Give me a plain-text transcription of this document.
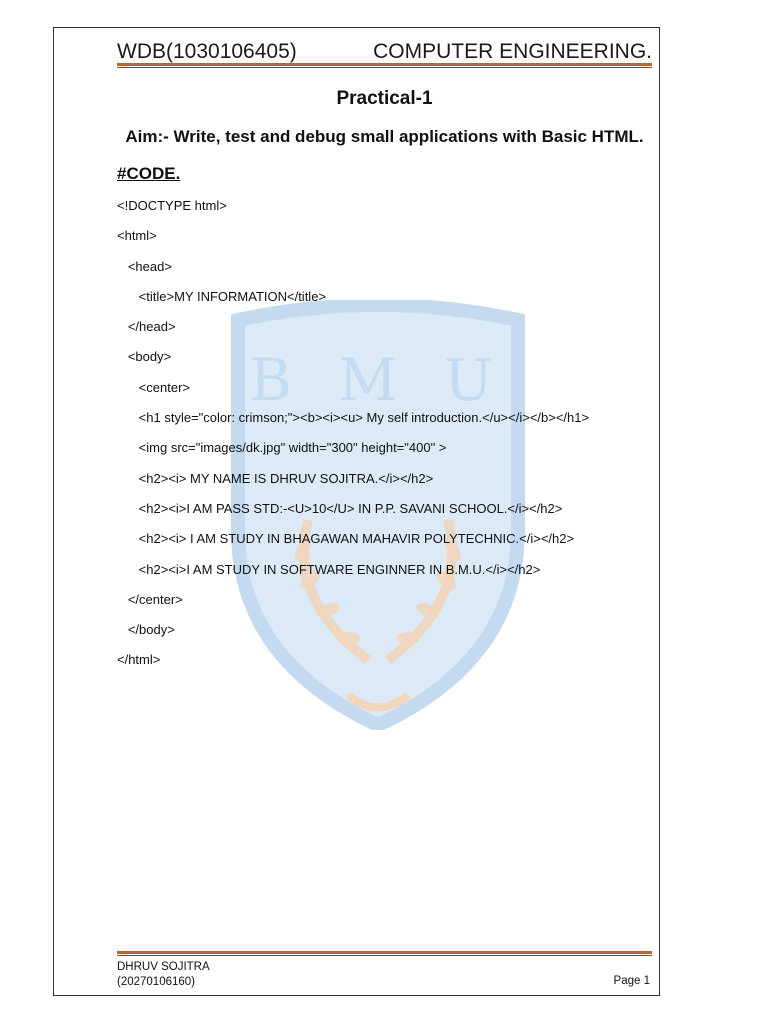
WDB(1030106405)	COMPUTER ENGINEERING.
B M U
Practical-1
Aim:- Write, test and debug small applications with Basic HTML.
#CODE.
<!DOCTYPE html>
<html>
<head>
<title>MY INFORMATION</title>
</head>
<body>
<center>
<h1 style="color: crimson;"><b><i><u> My self introduction.</u></i></b></h1>
<img src="images/dk.jpg" width="300" height="400" >
<h2><i> MY NAME IS DHRUV SOJITRA.</i></h2>
<h2><i>I AM PASS STD:-<U>10</U> IN P.P. SAVANI SCHOOL.</i></h2>
<h2><i> I AM STUDY IN BHAGAWAN MAHAVIR POLYTECHNIC.</i></h2>
<h2><i>I AM STUDY IN SOFTWARE ENGINNER IN B.M.U.</i></h2>
</center>
</body>
</html>
DHRUV SOJITRA
(20270106160)	Page 1
